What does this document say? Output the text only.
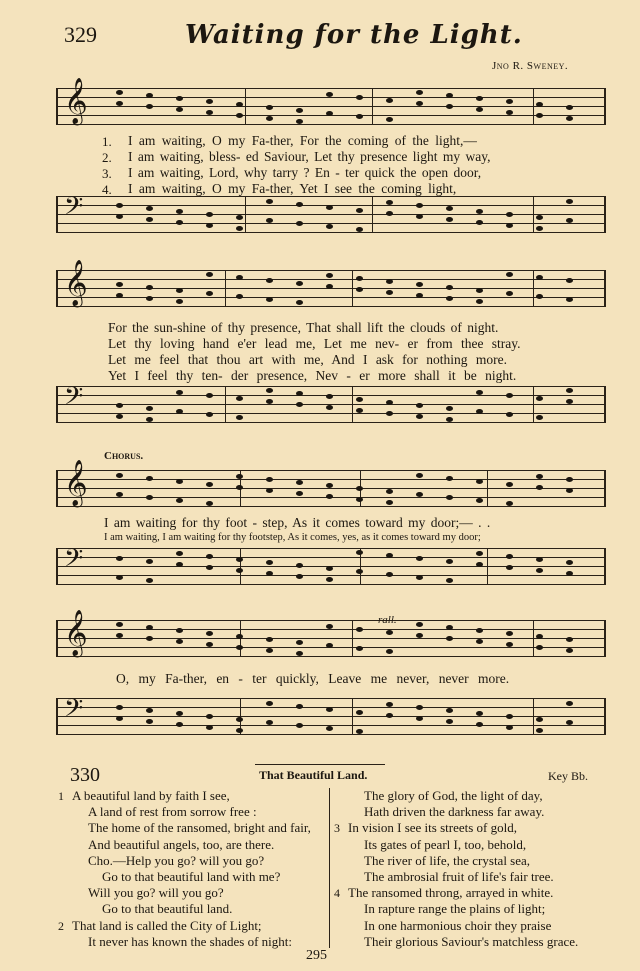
329	Waiting for the Light.
Jno R. Sweney.
𝄞
𝄢
𝄞
𝄢
𝄞
𝄢
𝄞
𝄢
1.
2.
3.
4.
I am waiting, O my Fa-ther, For the coming of the light,—
I am waiting, bless- ed Saviour, Let thy presence light my way,
I am waiting, Lord, why tarry ? En - ter quick the open door,
I am waiting, O my Fa-ther, Yet I see the coming light,
For the sun-shine of thy presence, That shall lift the clouds of night.
Let thy loving hand e'er lead me, Let me nev- er from thee stray.
Let me feel that thou art with me, And I ask for nothing more.
Yet I feel thy ten- der presence, Nev - er more shall it be night.
Chorus.
I am waiting for thy foot - step, As it comes toward my door;— . .
I am waiting, I am waiting for thy footstep, As it comes, yes, as it comes toward my door;
rall.
O, my Fa-ther, en - ter quickly, Leave me never, never more.
330	That Beautiful Land.	Key Bb.
1 A beautiful land by faith I see,
A land of rest from sorrow free :
The home of the ransomed, bright and fair,
And beautiful angels, too, are there.
Cho.—Help you go? will you go?
Go to that beautiful land with me?
Will you go? will you go?
Go to that beautiful land.
2 That land is called the City of Light;
It never has known the shades of night:
The glory of God, the light of day,
Hath driven the darkness far away.
3 In vision I see its streets of gold,
Its gates of pearl I, too, behold,
The river of life, the crystal sea,
The ambrosial fruit of life's fair tree.
4 The ransomed throng, arrayed in white.
In rapture range the plains of light;
In one harmonious choir they praise
Their glorious Saviour's matchless grace.
295
